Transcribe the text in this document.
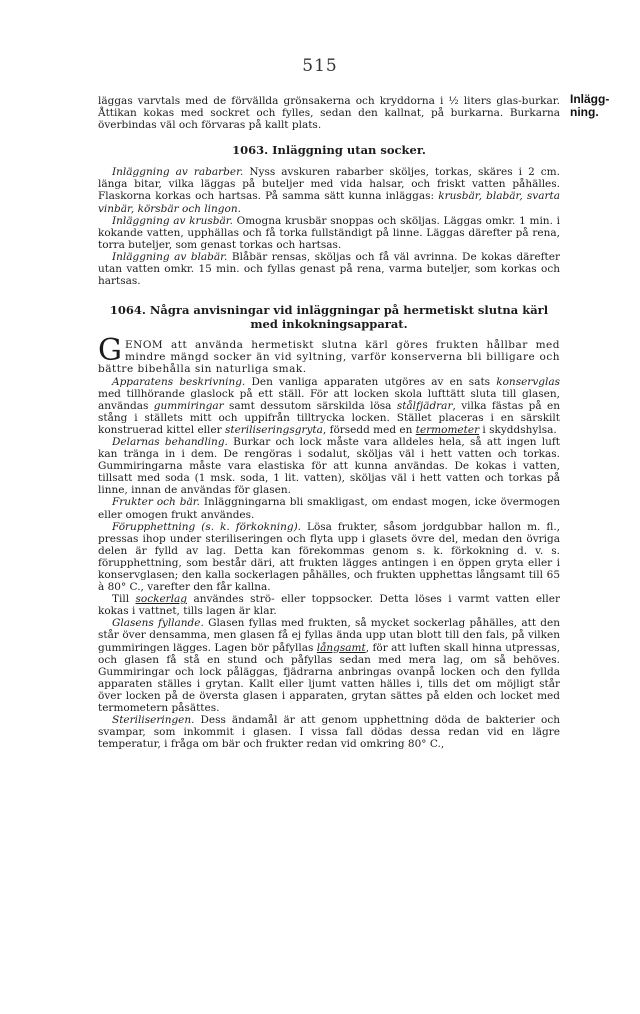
515
Inlägg-
ning.

läggas varvtals med de förvällda grönsakerna och kryddorna i ½ liters glas-burkar. Åttikan kokas med sockret och fylles, sedan den kallnat, på burkarna. Burkarna överbindas väl och förvaras på kallt plats.

1063. Inläggning utan socker.

Inläggning av rabarber. Nyss avskuren rabarber sköljes, torkas, skäres i 2 cm. länga bitar, vilka läggas på buteljer med vida halsar, och friskt vatten påhälles. Flaskorna korkas och hartsas. På samma sätt kunna inläggas: krusbär, blabär, svarta vinbär, körsbär och lingon.

Inläggning av krusbär. Omogna krusbär snoppas och sköljas. Läggas omkr. 1 min. i kokande vatten, upphällas och få torka fullständigt på linne. Läggas därefter på rena, torra buteljer, som genast torkas och hartsas.

Inläggning av blabär. Blåbär rensas, sköljas och få väl avrinna. De kokas därefter utan vatten omkr. 15 min. och fyllas genast på rena, varma buteljer, som korkas och hartsas.

1064. Några anvisningar vid inläggningar på hermetiskt slutna kärl med inkokningsapparat.

GENOM att använda hermetiskt slutna kärl göres frukten hållbar med mindre mängd socker än vid syltning, varför konserverna bli billigare och bättre bibehålla sin naturliga smak.

Apparatens beskrivning. Den vanliga apparaten utgöres av en sats konservglas med tillhörande glaslock på ett ställ. För att locken skola lufttätt sluta till glasen, användas gummiringar samt dessutom särskilda lösa stålfjädrar, vilka fästas på en stång i ställets mitt och uppifrån tilltrycka locken. Stället placeras i en särskilt konstruerad kittel eller steriliseringsgryta, försedd med en termometer i skyddshylsa.

Delarnas behandling. Burkar och lock måste vara alldeles hela, så att ingen luft kan tränga in i dem. De rengöras i sodalut, sköljas väl i hett vatten och torkas. Gummiringarna måste vara elastiska för att kunna användas. De kokas i vatten, tillsatt med soda (1 msk. soda, 1 lit. vatten), sköljas väl i hett vatten och torkas på linne, innan de användas för glasen.

Frukter och bär. Inläggningarna bli smakligast, om endast mogen, icke övermogen eller omogen frukt användes.

Förupphettning (s. k. förkokning). Lösa frukter, såsom jordgubbar hallon m. fl., pressas ihop under steriliseringen och flyta upp i glasets övre del, medan den övriga delen är fylld av lag. Detta kan förekommas genom s. k. förkokning d. v. s. förupphettning, som består däri, att frukten lägges antingen i en öppen gryta eller i konservglasen; den kalla sockerlagen påhälles, och frukten upphettas långsamt till 65 à 80° C., varefter den får kallna.

Till sockerlag användes strö- eller toppsocker. Detta löses i varmt vatten eller kokas i vattnet, tills lagen är klar.

Glasens fyllande. Glasen fyllas med frukten, så mycket sockerlag påhälles, att den står över densamma, men glasen få ej fyllas ända upp utan blott till den fals, på vilken gummiringen lägges. Lagen bör påfyllas långsamt, för att luften skall hinna utpressas, och glasen få stå en stund och påfyllas sedan med mera lag, om så behöves. Gummiringar och lock påläggas, fjädrarna anbringas ovanpå locken och den fyllda apparaten ställes i grytan. Kallt eller ljumt vatten hälles i, tills det om möjligt står över locken på de översta glasen i apparaten, grytan sättes på elden och locket med termometern påsättes.

Steriliseringen. Dess ändamål är att genom upphettning döda de bakterier och svampar, som inkommit i glasen. I vissa fall dödas dessa redan vid en lägre temperatur, i fråga om bär och frukter redan vid omkring 80° C.,
